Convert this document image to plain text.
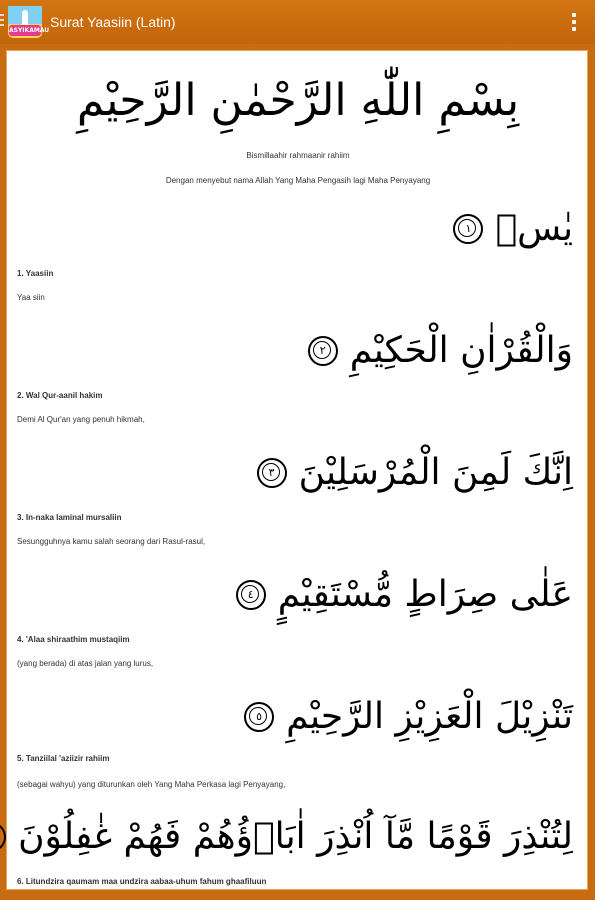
ASYIKAMAU
Surat Yaasiin (Latin)
بِسْمِ اللّٰهِ الرَّحْمٰنِ الرَّحِيْمِ
Bismillaahir rahmaanir rahiim
Dengan menyebut nama Allah Yang Maha Pengasih lagi Maha Penyayang
يٰسۤ
١
1. Yaasiin
Yaa siin
وَالْقُرْاٰنِ الْحَكِيْمِ
٢
2. Wal Qur-aanil hakim
Demi Al Qur'an yang penuh hikmah,
اِنَّكَ لَمِنَ الْمُرْسَلِيْنَ
٣
3. In-naka laminal mursaliin
Sesungguhnya kamu salah seorang dari Rasul-rasul,
عَلٰى صِرَاطٍ مُّسْتَقِيْمٍ
٤
4. 'Alaa shiraathim mustaqiim
(yang berada) di atas jalan yang lurus,
تَنْزِيْلَ الْعَزِيْزِ الرَّحِيْمِ
٥
5. Tanziilal 'aziizir rahiim
(sebagai wahyu) yang diturunkan oleh Yang Maha Perkasa lagi Penyayang,
لِتُنْذِرَ قَوْمًا مَّآ اُنْذِرَ اٰبَاۤؤُهُمْ فَهُمْ غٰفِلُوْنَ
6. Litundzira qaumam maa undzira aabaa-uhum fahum ghaafiluun
